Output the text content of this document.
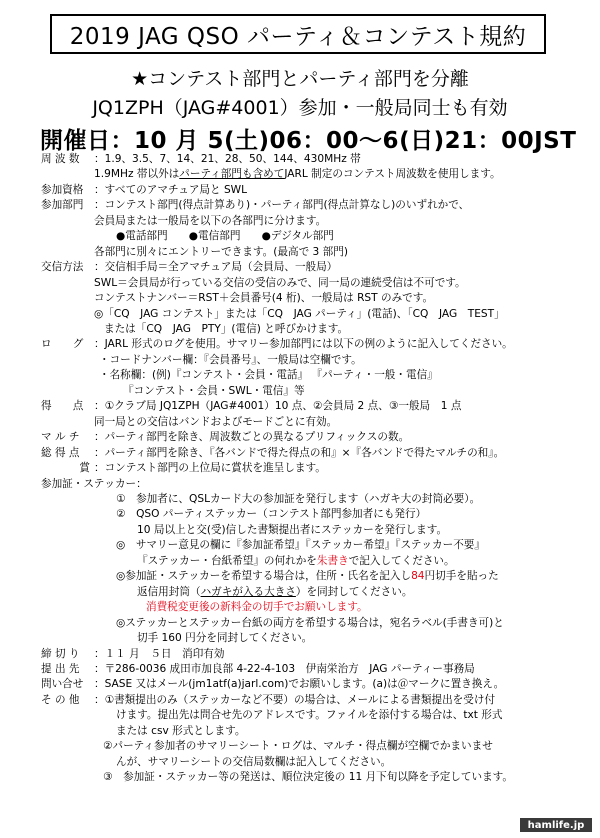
2019 JAG QSO パーティ＆コンテスト規約
★コンテスト部門とパーティ部門を分離
JQ1ZPH（JAG#4001）参加・一般局同士も有効
開催日：10 月 5(土)06：00～6(日)21：00JST
周 波 数	： 1.9、3.5、7、14、21、28、50、144、430MHz 帯
1.9MHz 帯以外は パーティ部門も含めて JARL 制定のコンテスト周波数を使用します。
参加資格	： すべてのアマチュア局と SWL
参加部門	： コンテスト部門(得点計算あり)・パーティ部門(得点計算なし)のいずれかで、
会員局または一般局を以下の各部門に分けます。
●電話部門　　●電信部門　　●デジタル部門
各部門に別々にエントリーできます。(最高で 3 部門)
交信方法	： 交信相手局＝全アマチュア局（会員局、一般局）
SWL＝会員局が行っている交信の受信のみで、同一局の連続受信は不可です。
コンテストナンバー＝RST＋会員番号(4 桁)、一般局は RST のみです。
◎「CQ　JAG コンテスト」または「CQ　JAG パーティ」(電話)、「CQ　JAG　TEST」
または「CQ　JAG　PTY」(電信) と呼びかけます。
ロ　　グ	： JARL 形式のログを使用。サマリー参加部門には以下の例のように記入してください。
・コードナンバー欄：『会員番号』、一般局は空欄です。
・名称欄：(例)『コンテスト・会員・電話』 『パーティ・一般・電信』
『コンテスト・会員・SWL・電信』等
得　　点	： ①クラブ局 JQ1ZPH（JAG#4001）10 点、②会員局 2 点、③一般局　1 点
同一局との交信はバンドおよびモードごとに有効。
マ ル チ	： パーティ部門を除き、周波数ごとの異なるプリフィックスの数。
総 得 点	： パーティ部門を除き、『各バンドで得た得点の和』×『各バンドで得たマルチの和』。
賞 ： コンテスト部門の上位局に賞状を進呈します。
参加証・ステッカー：
①　参加者に、QSLカード大の参加証を発行します（ハガキ大の封筒必要）。
②　QSO パーティステッカー（コンテスト部門参加者にも発行）
10 局以上と交(受)信した書類提出者にステッカーを発行します。
◎　サマリー意見の欄に『参加証希望』『ステッカー希望』『ステッカー不要』
『ステッカー・台紙希望』の何れかを 朱書き で記入してください。
◎参加証・ステッカーを希望する場合は，住所・氏名を記入し 84 円切手を貼った
返信用封筒（ ハガキが入る大きさ ）を同封してください。
消費税変更後の新料金の切手でお願いします。
◎ステッカーとステッカー台紙の両方を希望する場合は，宛名ラベル(手書き可)と
切手 160 円分を同封してください。
締 切 り	： １１ 月　５日　消印有効
提 出 先	： 〒286-0036 成田市加良部 4-22-4-103　伊南栄治方　JAG パーティー事務局
問い合せ	： SASE 又はメール(jm1atf(a)jarl.com)でお願いします。(a)は＠マークに置き換え。
そ の 他	： ①書類提出のみ（ステッカーなど不要）の場合は、メールによる書類提出を受け付
けます。提出先は問合せ先のアドレスです。ファイルを添付する場合は、txt 形式
または csv 形式とします。
②パーティ参加者のサマリーシート・ログは、マルチ・得点欄が空欄でかまいませ
んが、サマリーシートの交信局数欄は記入してください。
③　参加証・ステッカー等の発送は、順位決定後の 11 月下旬以降を予定しています。
hamlife.jp
